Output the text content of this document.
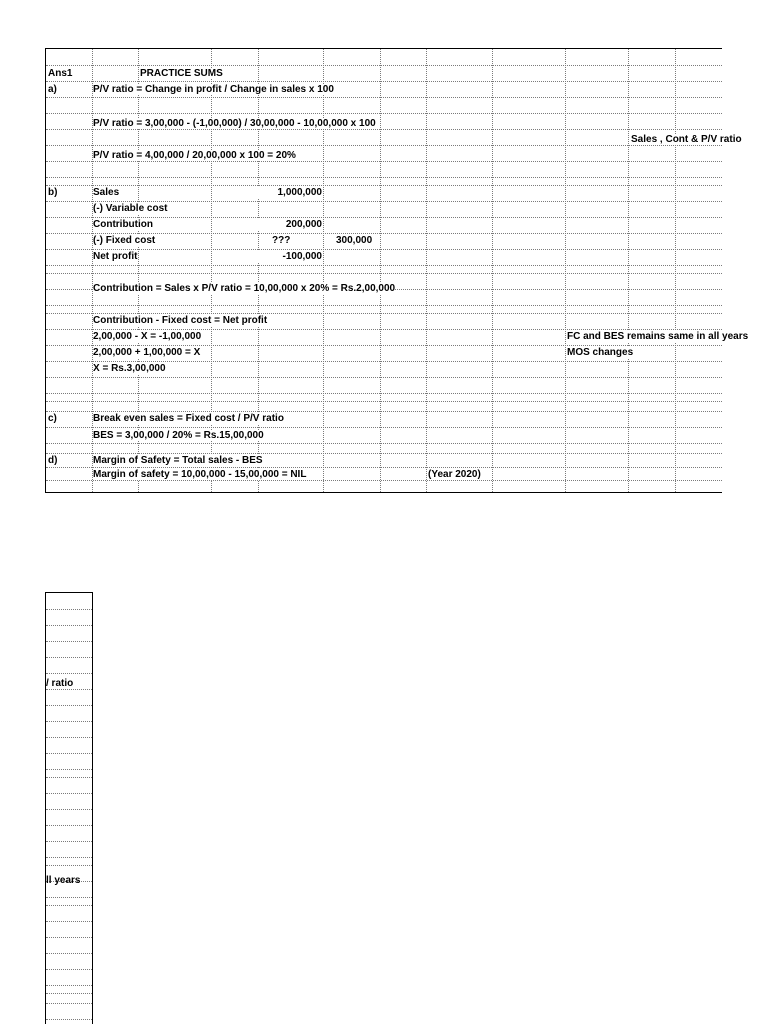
Ans1	PRACTICE SUMS
a)	P/V ratio = Change in profit / Change in sales x 100
P/V ratio = 3,00,000 - (-1,00,000) / 30,00,000 - 10,00,000 x 100
Sales , Cont & P/V ratio
P/V ratio = 4,00,000 / 20,00,000 x 100 = 20%
b)	Sales	1,000,000
(-) Variable cost
Contribution	200,000
(-) Fixed cost	???	300,000
Net profit	-100,000
Contribution = Sales x P/V ratio = 10,00,000 x 20% = Rs.2,00,000
Contribution - Fixed cost = Net profit
2,00,000 - X = -1,00,000	FC and BES remains same in all years
2,00,000 + 1,00,000 = X	MOS changes
X = Rs.3,00,000
c)	Break even sales = Fixed cost / P/V ratio
BES = 3,00,000 / 20% = Rs.15,00,000
d)	Margin of Safety = Total sales - BES
Margin of safety = 10,00,000 - 15,00,000 = NIL	(Year 2020)
/ ratio
ll years
